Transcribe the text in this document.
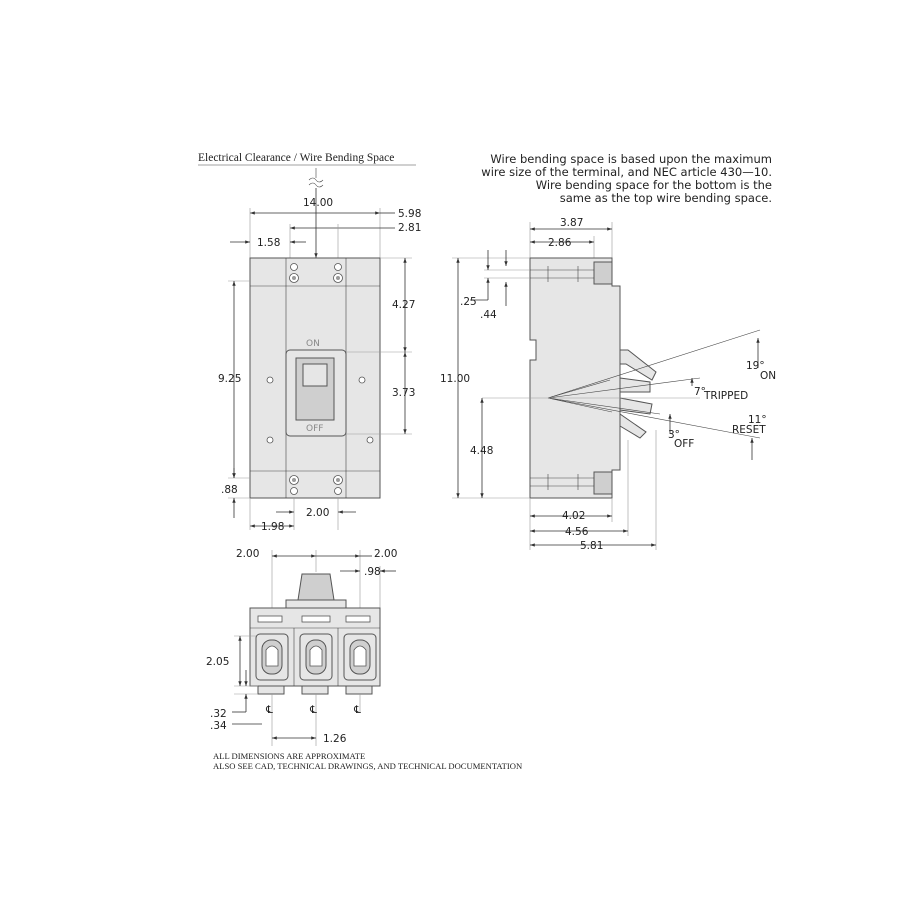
Electrical Clearance / Wire Bending Space	Wire bending space is based upon the maximum
wire size of the terminal, and NEC article 430—10.
Wire bending space for the bottom is the
same as the top wire bending space.
14.00
5.98
2.81
1.58
ON
OFF
4.27
3.73
9.25
.88
2.00
1.98
3.87
2.86
19°
ON
7°
TRIPPED
11°
RESET
3°
OFF
11.00
4.48
.25
.44
4.02
4.56
5.81
2.00	2.00
.98
2.05
.32
.34
℄	℄	℄
1.26
ALL DIMENSIONS ARE APPROXIMATE
ALSO SEE CAD, TECHNICAL DRAWINGS, AND TECHNICAL DOCUMENTATION
